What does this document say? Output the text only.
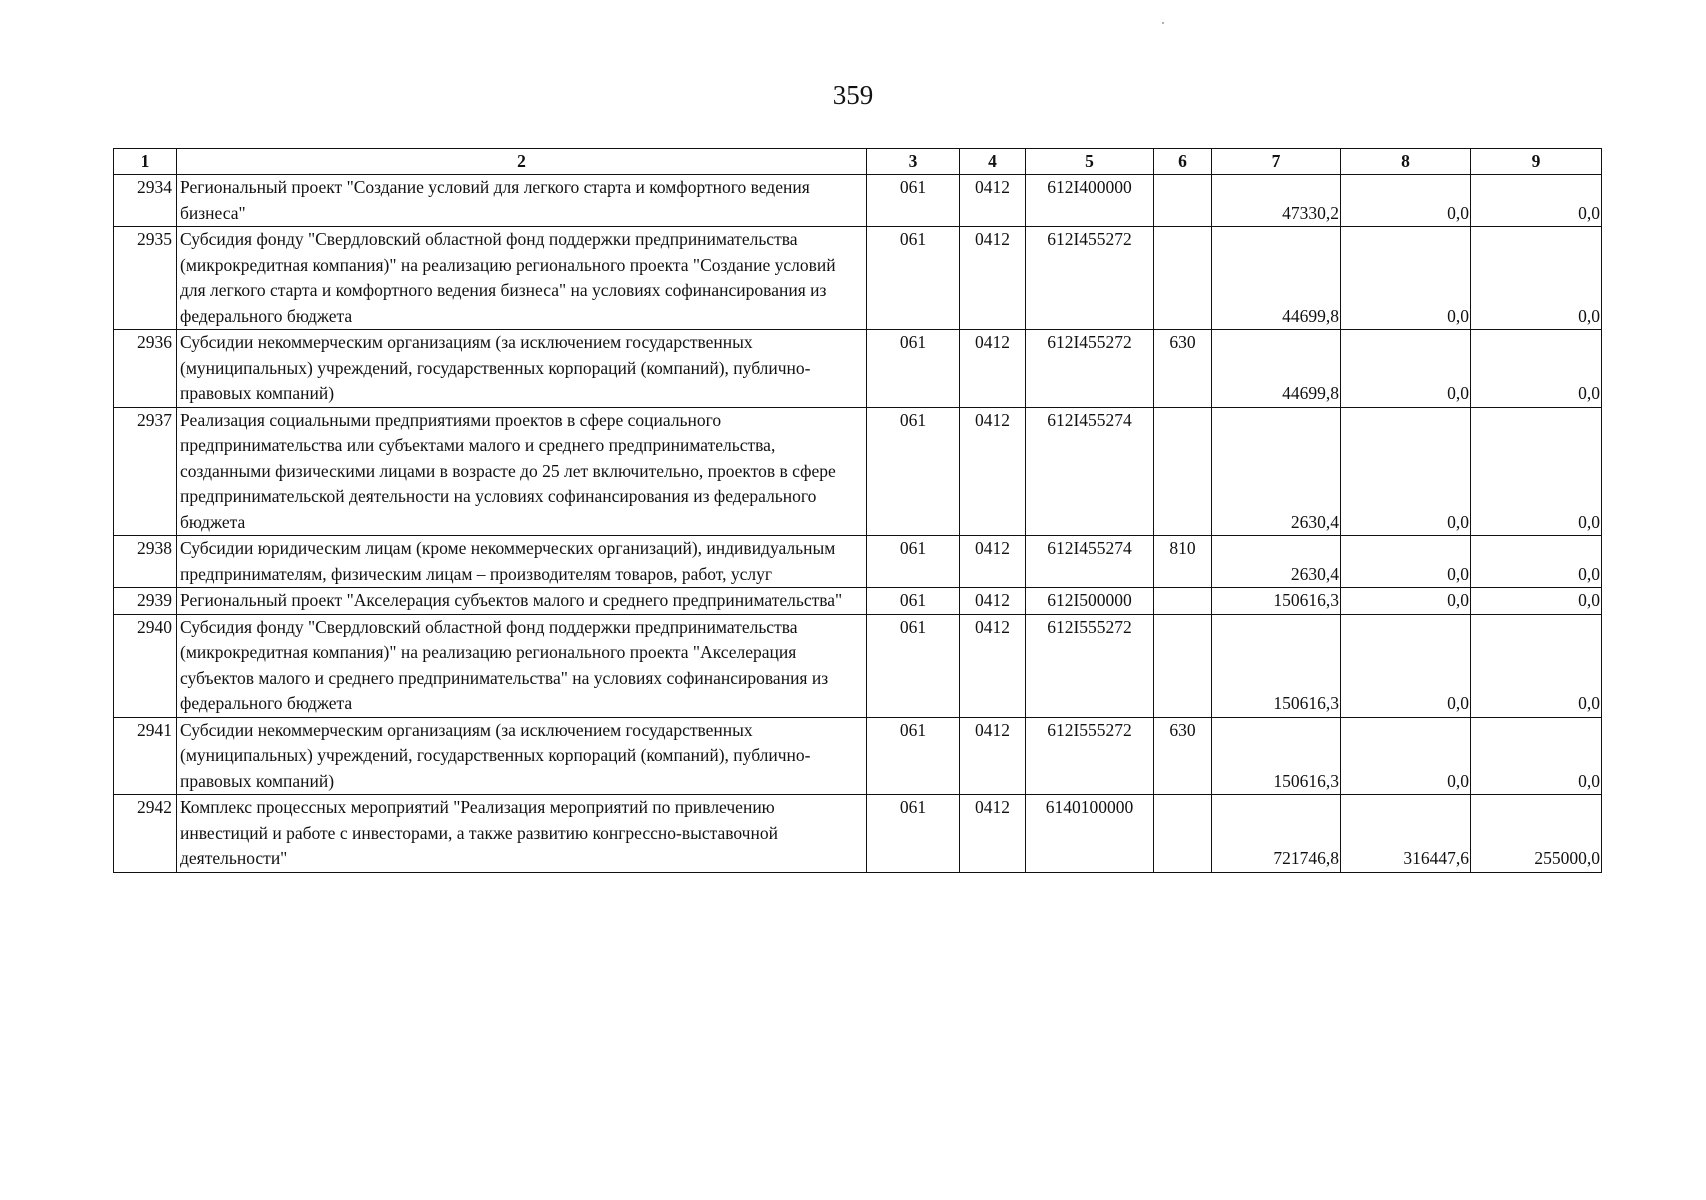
359
1	2	3	4	5	6	7	8	9
2934	Региональный проект "Создание условий для легкого старта и комфортного ведения бизнеса"	061	0412	612I400000		47330,2	0,0	0,0
2935	Субсидия фонду "Свердловский областной фонд поддержки предпринимательства (микрокредитная компания)" на реализацию регионального проекта "Создание условий для легкого старта и комфортного ведения бизнеса" на условиях софинансирования из федерального бюджета	061	0412	612I455272		44699,8	0,0	0,0
2936	Субсидии некоммерческим организациям (за исключением государственных (муниципальных) учреждений, государственных корпораций (компаний), публично-правовых компаний)	061	0412	612I455272	630	44699,8	0,0	0,0
2937	Реализация социальными предприятиями проектов в сфере социального предпринимательства или субъектами малого и среднего предпринимательства, созданными физическими лицами в возрасте до 25 лет включительно, проектов в сфере предпринимательской деятельности на условиях софинансирования из федерального бюджета	061	0412	612I455274		2630,4	0,0	0,0
2938	Субсидии юридическим лицам (кроме некоммерческих организаций), индивидуальным предпринимателям, физическим лицам – производителям товаров, работ, услуг	061	0412	612I455274	810	2630,4	0,0	0,0
2939	Региональный проект "Акселерация субъектов малого и среднего предпринимательства"	061	0412	612I500000		150616,3	0,0	0,0
2940	Субсидия фонду "Свердловский областной фонд поддержки предпринимательства (микрокредитная компания)" на реализацию регионального проекта "Акселерация субъектов малого и среднего предпринимательства" на условиях софинансирования из федерального бюджета	061	0412	612I555272		150616,3	0,0	0,0
2941	Субсидии некоммерческим организациям (за исключением государственных (муниципальных) учреждений, государственных корпораций (компаний), публично-правовых компаний)	061	0412	612I555272	630	150616,3	0,0	0,0
2942	Комплекс процессных мероприятий "Реализация мероприятий по привлечению инвестиций и работе с инвесторами, а также развитию конгрессно-выставочной деятельности"	061	0412	6140100000		721746,8	316447,6	255000,0
